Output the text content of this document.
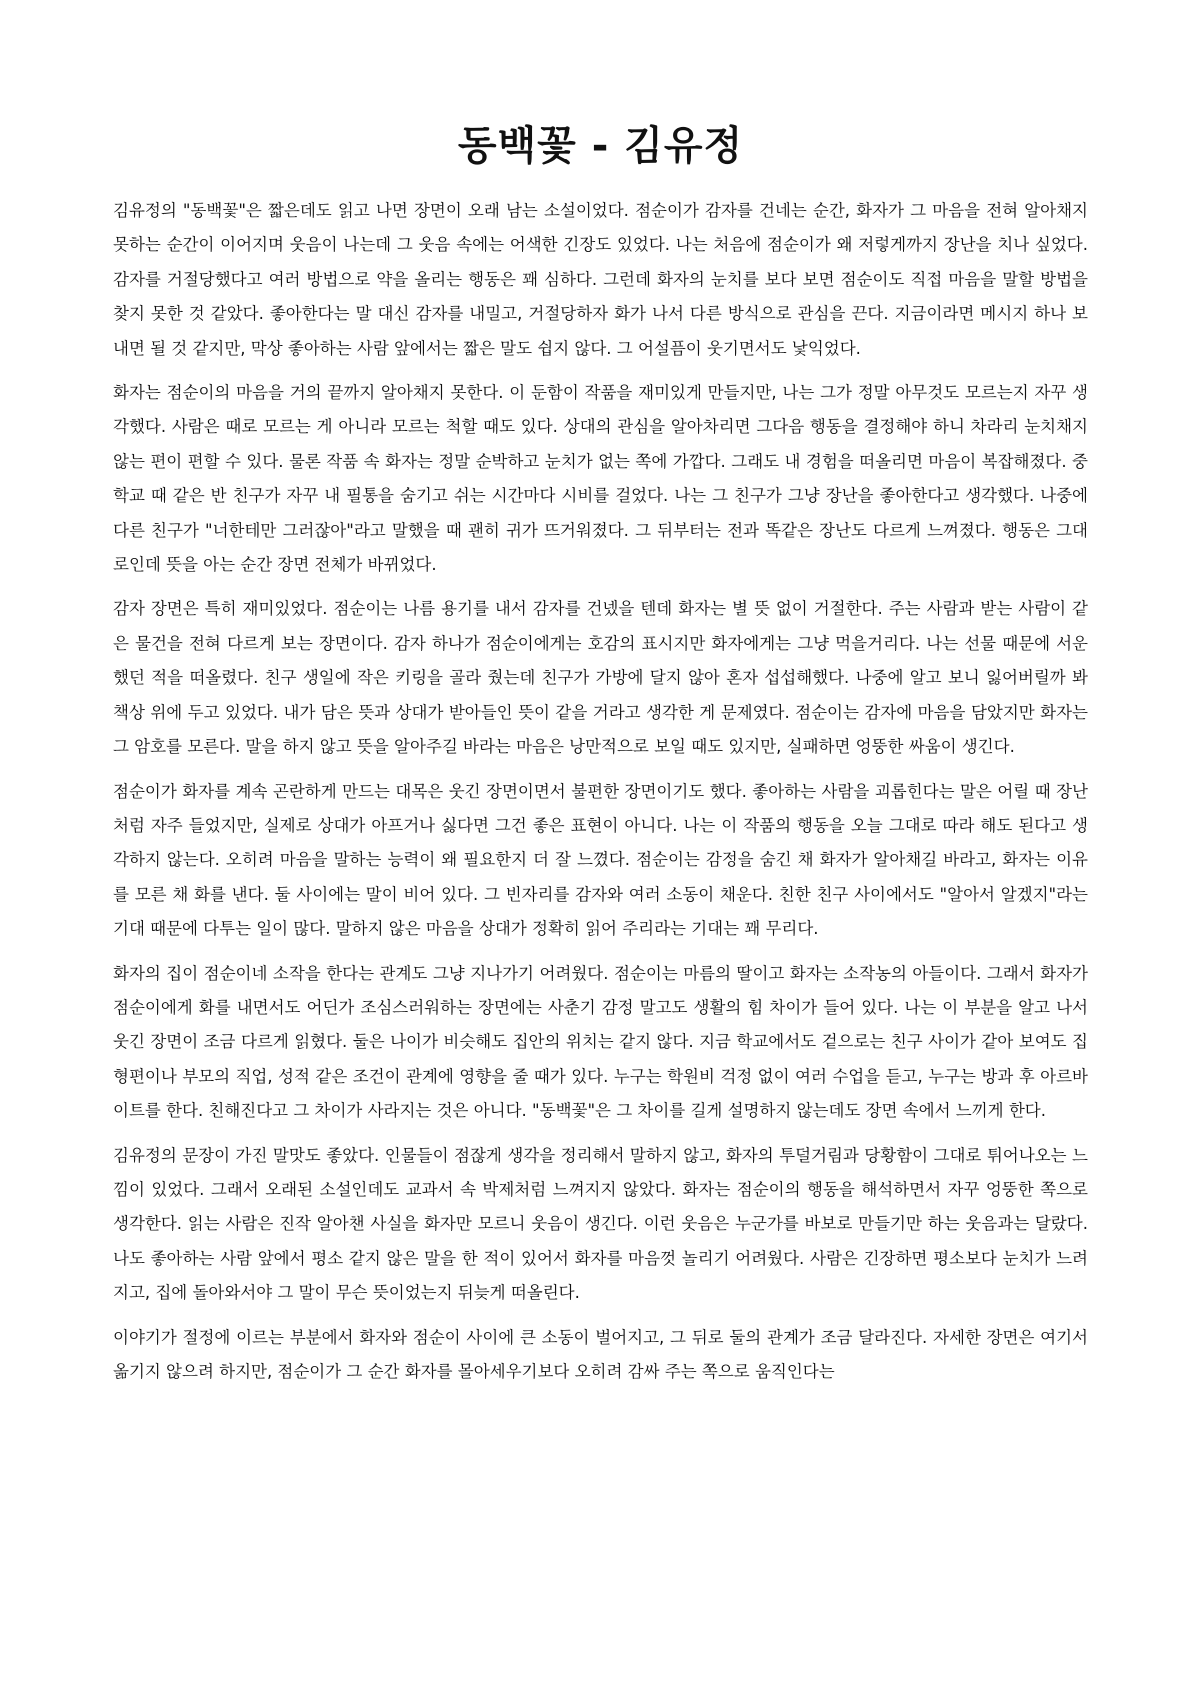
동백꽃 - 김유정

김유정의 "동백꽃"은 짧은데도 읽고 나면 장면이 오래 남는 소설이었다. 점순이가 감자를 건네는 순간, 화자가 그 마음을 전혀 알아채지 못하는 순간이 이어지며 웃음이 나는데 그 웃음 속에는 어색한 긴장도 있었다. 나는 처음에 점순이가 왜 저렇게까지 장난을 치나 싶었다. 감자를 거절당했다고 여러 방법으로 약을 올리는 행동은 꽤 심하다. 그런데 화자의 눈치를 보다 보면 점순이도 직접 마음을 말할 방법을 찾지 못한 것 같았다. 좋아한다는 말 대신 감자를 내밀고, 거절당하자 화가 나서 다른 방식으로 관심을 끈다. 지금이라면 메시지 하나 보내면 될 것 같지만, 막상 좋아하는 사람 앞에서는 짧은 말도 쉽지 않다. 그 어설픔이 웃기면서도 낯익었다.

화자는 점순이의 마음을 거의 끝까지 알아채지 못한다. 이 둔함이 작품을 재미있게 만들지만, 나는 그가 정말 아무것도 모르는지 자꾸 생각했다. 사람은 때로 모르는 게 아니라 모르는 척할 때도 있다. 상대의 관심을 알아차리면 그다음 행동을 결정해야 하니 차라리 눈치채지 않는 편이 편할 수 있다. 물론 작품 속 화자는 정말 순박하고 눈치가 없는 쪽에 가깝다. 그래도 내 경험을 떠올리면 마음이 복잡해졌다. 중학교 때 같은 반 친구가 자꾸 내 필통을 숨기고 쉬는 시간마다 시비를 걸었다. 나는 그 친구가 그냥 장난을 좋아한다고 생각했다. 나중에 다른 친구가 "너한테만 그러잖아"라고 말했을 때 괜히 귀가 뜨거워졌다. 그 뒤부터는 전과 똑같은 장난도 다르게 느껴졌다. 행동은 그대로인데 뜻을 아는 순간 장면 전체가 바뀌었다.

감자 장면은 특히 재미있었다. 점순이는 나름 용기를 내서 감자를 건넸을 텐데 화자는 별 뜻 없이 거절한다. 주는 사람과 받는 사람이 같은 물건을 전혀 다르게 보는 장면이다. 감자 하나가 점순이에게는 호감의 표시지만 화자에게는 그냥 먹을거리다. 나는 선물 때문에 서운했던 적을 떠올렸다. 친구 생일에 작은 키링을 골라 줬는데 친구가 가방에 달지 않아 혼자 섭섭해했다. 나중에 알고 보니 잃어버릴까 봐 책상 위에 두고 있었다. 내가 담은 뜻과 상대가 받아들인 뜻이 같을 거라고 생각한 게 문제였다. 점순이는 감자에 마음을 담았지만 화자는 그 암호를 모른다. 말을 하지 않고 뜻을 알아주길 바라는 마음은 낭만적으로 보일 때도 있지만, 실패하면 엉뚱한 싸움이 생긴다.

점순이가 화자를 계속 곤란하게 만드는 대목은 웃긴 장면이면서 불편한 장면이기도 했다. 좋아하는 사람을 괴롭힌다는 말은 어릴 때 장난처럼 자주 들었지만, 실제로 상대가 아프거나 싫다면 그건 좋은 표현이 아니다. 나는 이 작품의 행동을 오늘 그대로 따라 해도 된다고 생각하지 않는다. 오히려 마음을 말하는 능력이 왜 필요한지 더 잘 느꼈다. 점순이는 감정을 숨긴 채 화자가 알아채길 바라고, 화자는 이유를 모른 채 화를 낸다. 둘 사이에는 말이 비어 있다. 그 빈자리를 감자와 여러 소동이 채운다. 친한 친구 사이에서도 "알아서 알겠지"라는 기대 때문에 다투는 일이 많다. 말하지 않은 마음을 상대가 정확히 읽어 주리라는 기대는 꽤 무리다.

화자의 집이 점순이네 소작을 한다는 관계도 그냥 지나가기 어려웠다. 점순이는 마름의 딸이고 화자는 소작농의 아들이다. 그래서 화자가 점순이에게 화를 내면서도 어딘가 조심스러워하는 장면에는 사춘기 감정 말고도 생활의 힘 차이가 들어 있다. 나는 이 부분을 알고 나서 웃긴 장면이 조금 다르게 읽혔다. 둘은 나이가 비슷해도 집안의 위치는 같지 않다. 지금 학교에서도 겉으로는 친구 사이가 같아 보여도 집 형편이나 부모의 직업, 성적 같은 조건이 관계에 영향을 줄 때가 있다. 누구는 학원비 걱정 없이 여러 수업을 듣고, 누구는 방과 후 아르바이트를 한다. 친해진다고 그 차이가 사라지는 것은 아니다. "동백꽃"은 그 차이를 길게 설명하지 않는데도 장면 속에서 느끼게 한다.

김유정의 문장이 가진 말맛도 좋았다. 인물들이 점잖게 생각을 정리해서 말하지 않고, 화자의 투덜거림과 당황함이 그대로 튀어나오는 느낌이 있었다. 그래서 오래된 소설인데도 교과서 속 박제처럼 느껴지지 않았다. 화자는 점순이의 행동을 해석하면서 자꾸 엉뚱한 쪽으로 생각한다. 읽는 사람은 진작 알아챈 사실을 화자만 모르니 웃음이 생긴다. 이런 웃음은 누군가를 바보로 만들기만 하는 웃음과는 달랐다. 나도 좋아하는 사람 앞에서 평소 같지 않은 말을 한 적이 있어서 화자를 마음껏 놀리기 어려웠다. 사람은 긴장하면 평소보다 눈치가 느려지고, 집에 돌아와서야 그 말이 무슨 뜻이었는지 뒤늦게 떠올린다.

이야기가 절정에 이르는 부분에서 화자와 점순이 사이에 큰 소동이 벌어지고, 그 뒤로 둘의 관계가 조금 달라진다. 자세한 장면은 여기서 옮기지 않으려 하지만, 점순이가 그 순간 화자를 몰아세우기보다 오히려 감싸 주는 쪽으로 움직인다는
